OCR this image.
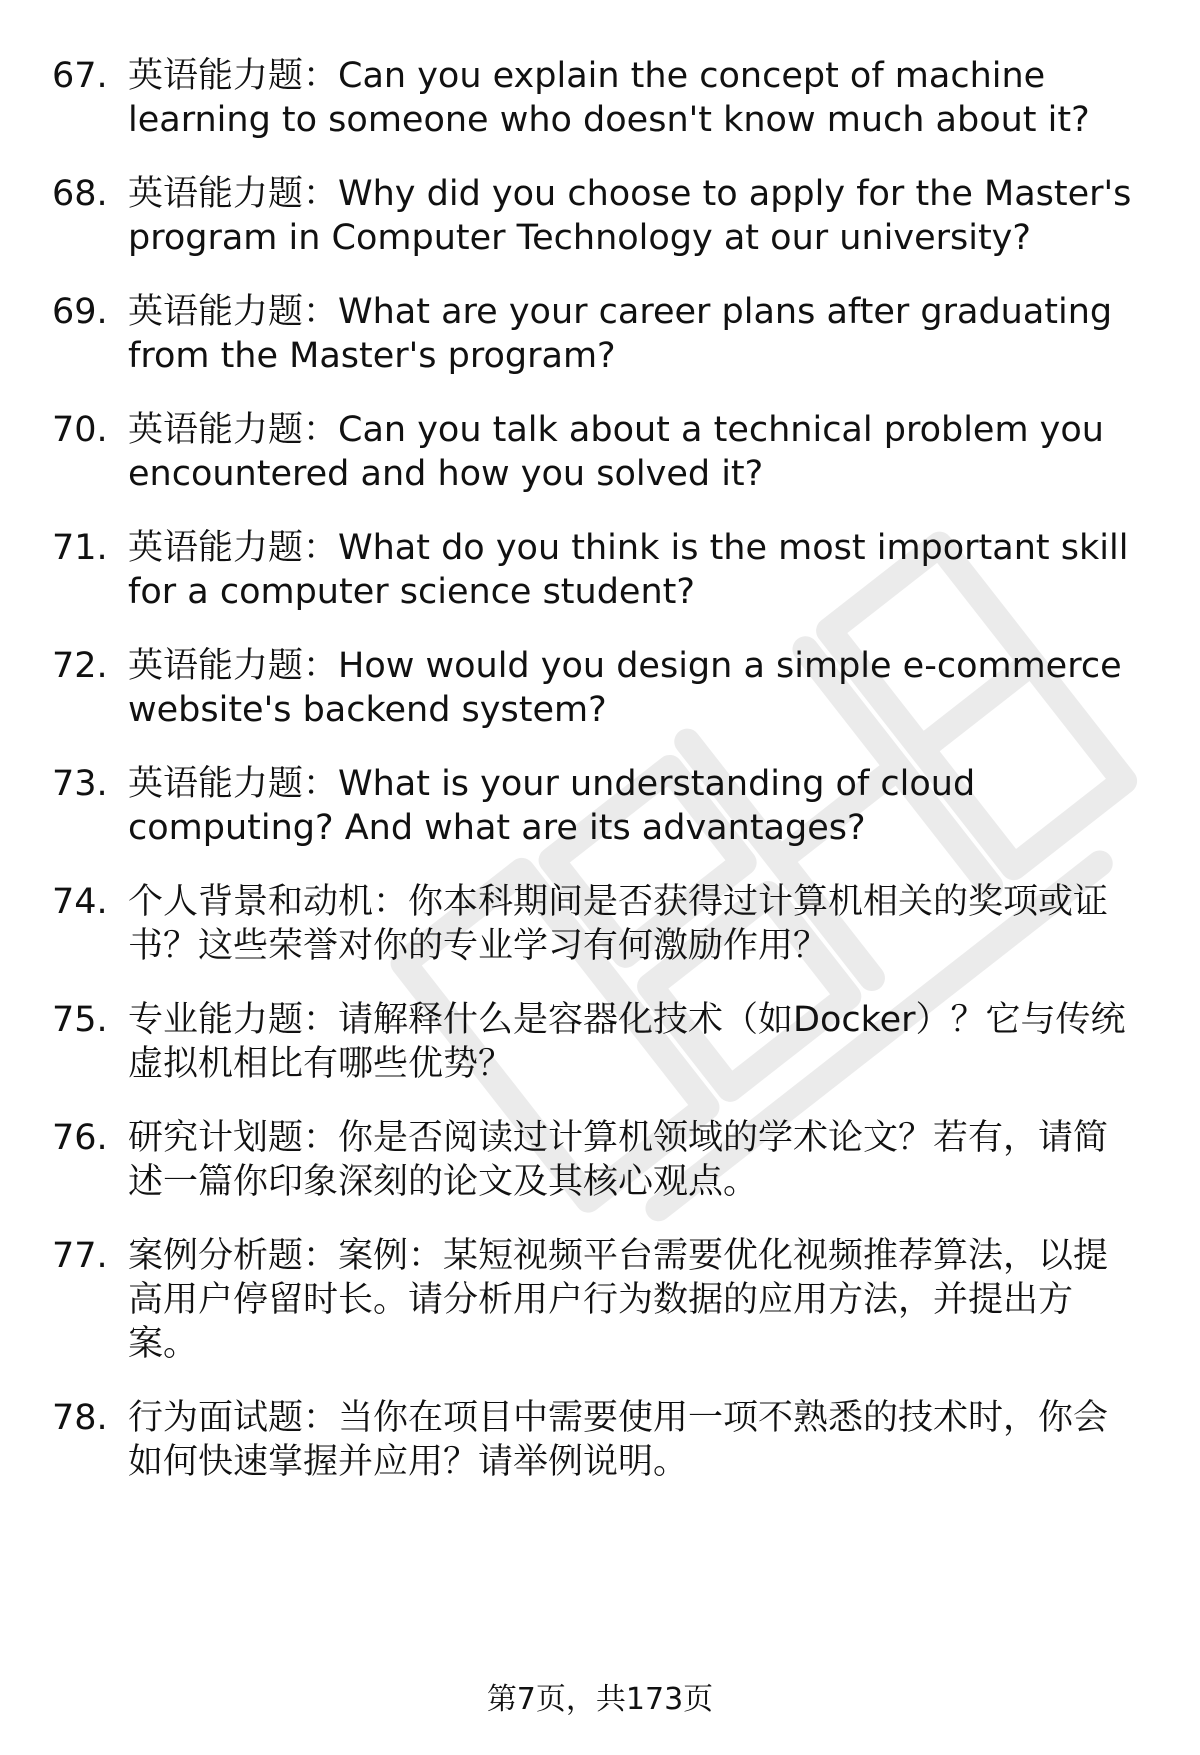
67. 英语能力题：Can you explain the concept of machine
learning to someone who doesn't know much about it?
68. 英语能力题：Why did you choose to apply for the Master's
program in Computer Technology at our university?
69. 英语能力题：What are your career plans after graduating
from the Master's program?
70. 英语能力题：Can you talk about a technical problem you
encountered and how you solved it?
71. 英语能力题：What do you think is the most important skill
for a computer science student?
72. 英语能力题：How would you design a simple e-commerce
website's backend system?
73. 英语能力题：What is your understanding of cloud
computing? And what are its advantages?
74. 个人背景和动机：你本科期间是否获得过计算机相关的奖项或证
书？这些荣誉对你的专业学习有何激励作用？
75. 专业能力题：请解释什么是容器化技术（如Docker）？它与传统
虚拟机相比有哪些优势？
76. 研究计划题：你是否阅读过计算机领域的学术论文？若有，请简
述一篇你印象深刻的论文及其核心观点。
77. 案例分析题：案例：某短视频平台需要优化视频推荐算法，以提
高用户停留时长。请分析用户行为数据的应用方法，并提出方
案。
78. 行为面试题：当你在项目中需要使用一项不熟悉的技术时，你会
如何快速掌握并应用？请举例说明。
第7页，共173页
